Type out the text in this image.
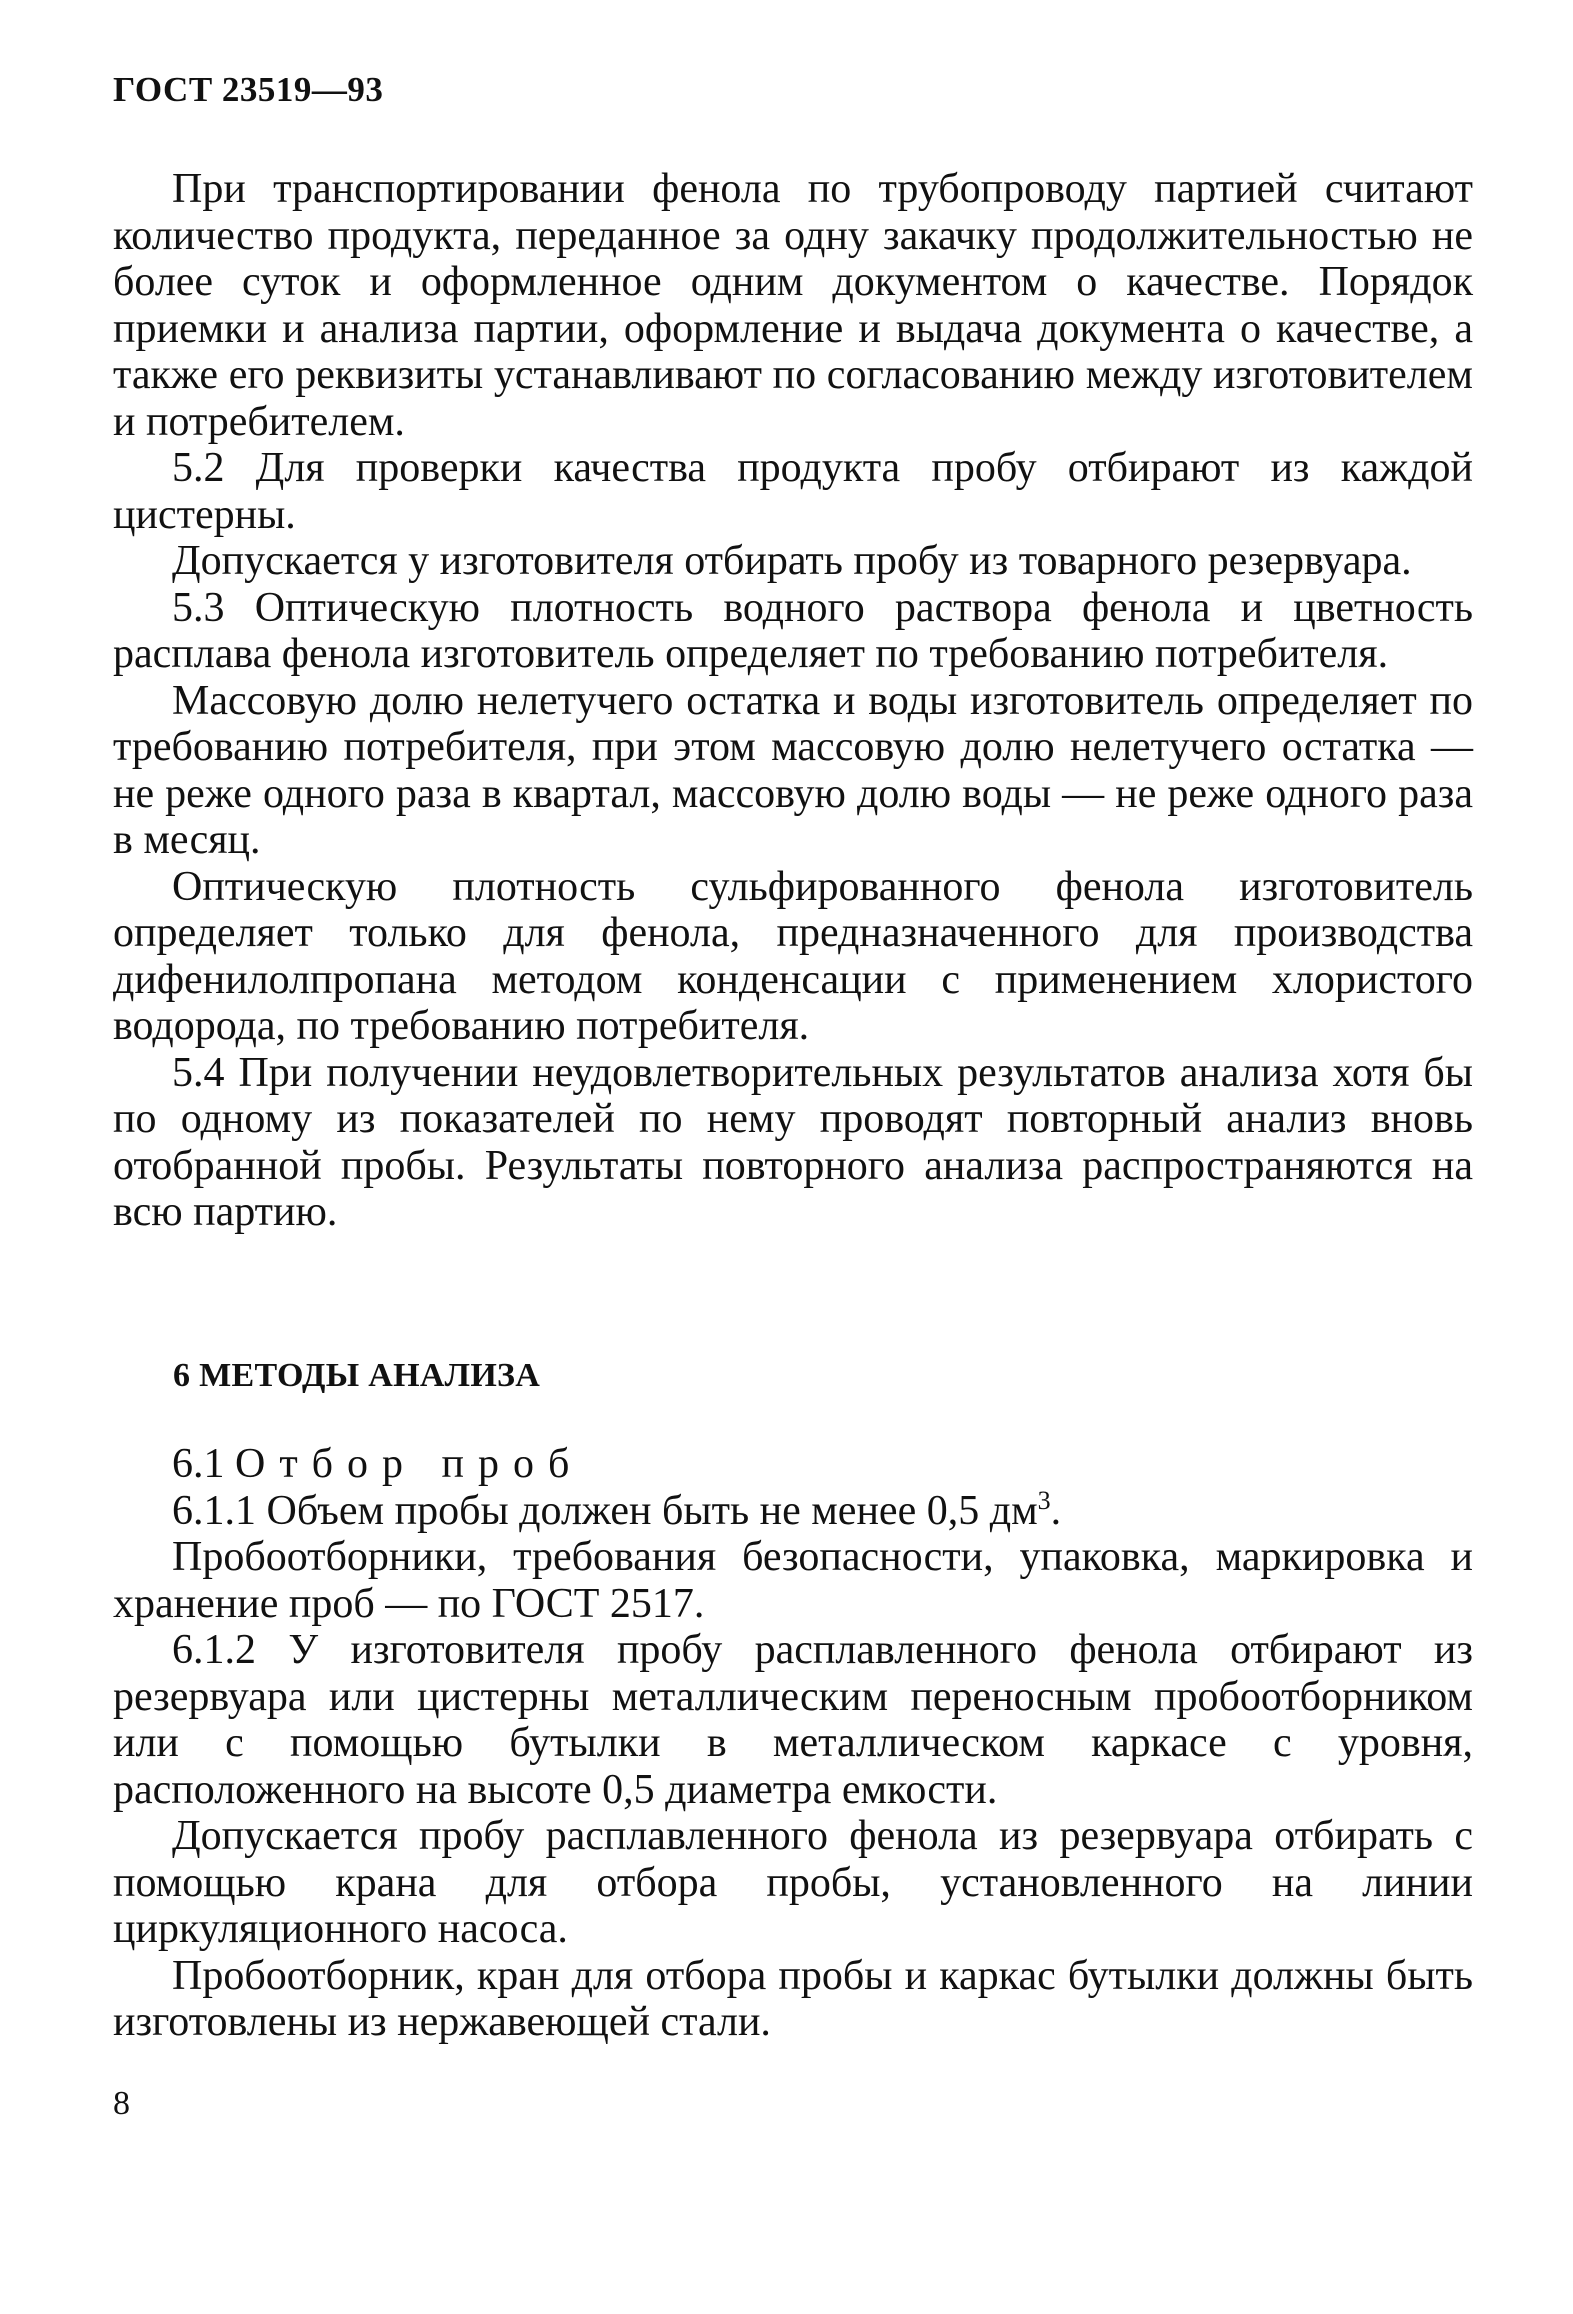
ГОСТ 23519—93

При транспортировании фенола по трубопроводу партией считают количество продукта, переданное за одну закачку продолжительностью не более суток и оформленное одним документом о качестве. Порядок приемки и анализа партии, оформление и выдача документа о качестве, а также его реквизиты устанавливают по согласованию между изготовителем и потребителем.

5.2 Для проверки качества продукта пробу отбирают из каждой цистерны.

Допускается у изготовителя отбирать пробу из товарного резервуара.

5.3 Оптическую плотность водного раствора фенола и цветность расплава фенола изготовитель определяет по требованию потребителя.

Массовую долю нелетучего остатка и воды изготовитель определяет по требованию потребителя, при этом массовую долю нелетучего остатка — не реже одного раза в квартал, массовую долю воды — не реже одного раза в месяц.

Оптическую плотность сульфированного фенола изготовитель определяет только для фенола, предназначенного для производства дифенилолпропана методом конденсации с применением хлористого водорода, по требованию потребителя.

5.4 При получении неудовлетворительных результатов анализа хотя бы по одному из показателей по нему проводят повторный анализ вновь отобранной пробы. Результаты повторного анализа распространяются на всю партию.

6 МЕТОДЫ АНАЛИЗА

6.1 Отбор проб

6.1.1 Объем пробы должен быть не менее 0,5 $дм^3$.

Пробоотборники, требования безопасности, упаковка, маркировка и хранение проб — по ГОСТ 2517.

6.1.2 У изготовителя пробу расплавленного фенола отбирают из резервуара или цистерны металлическим переносным пробоотборником или с помощью бутылки в металлическом каркасе с уровня, расположенного на высоте 0,5 диаметра емкости.

Допускается пробу расплавленного фенола из резервуара отбирать с помощью крана для отбора пробы, установленного на линии циркуляционного насоса.

Пробоотборник, кран для отбора пробы и каркас бутылки должны быть изготовлены из нержавеющей стали.

8
